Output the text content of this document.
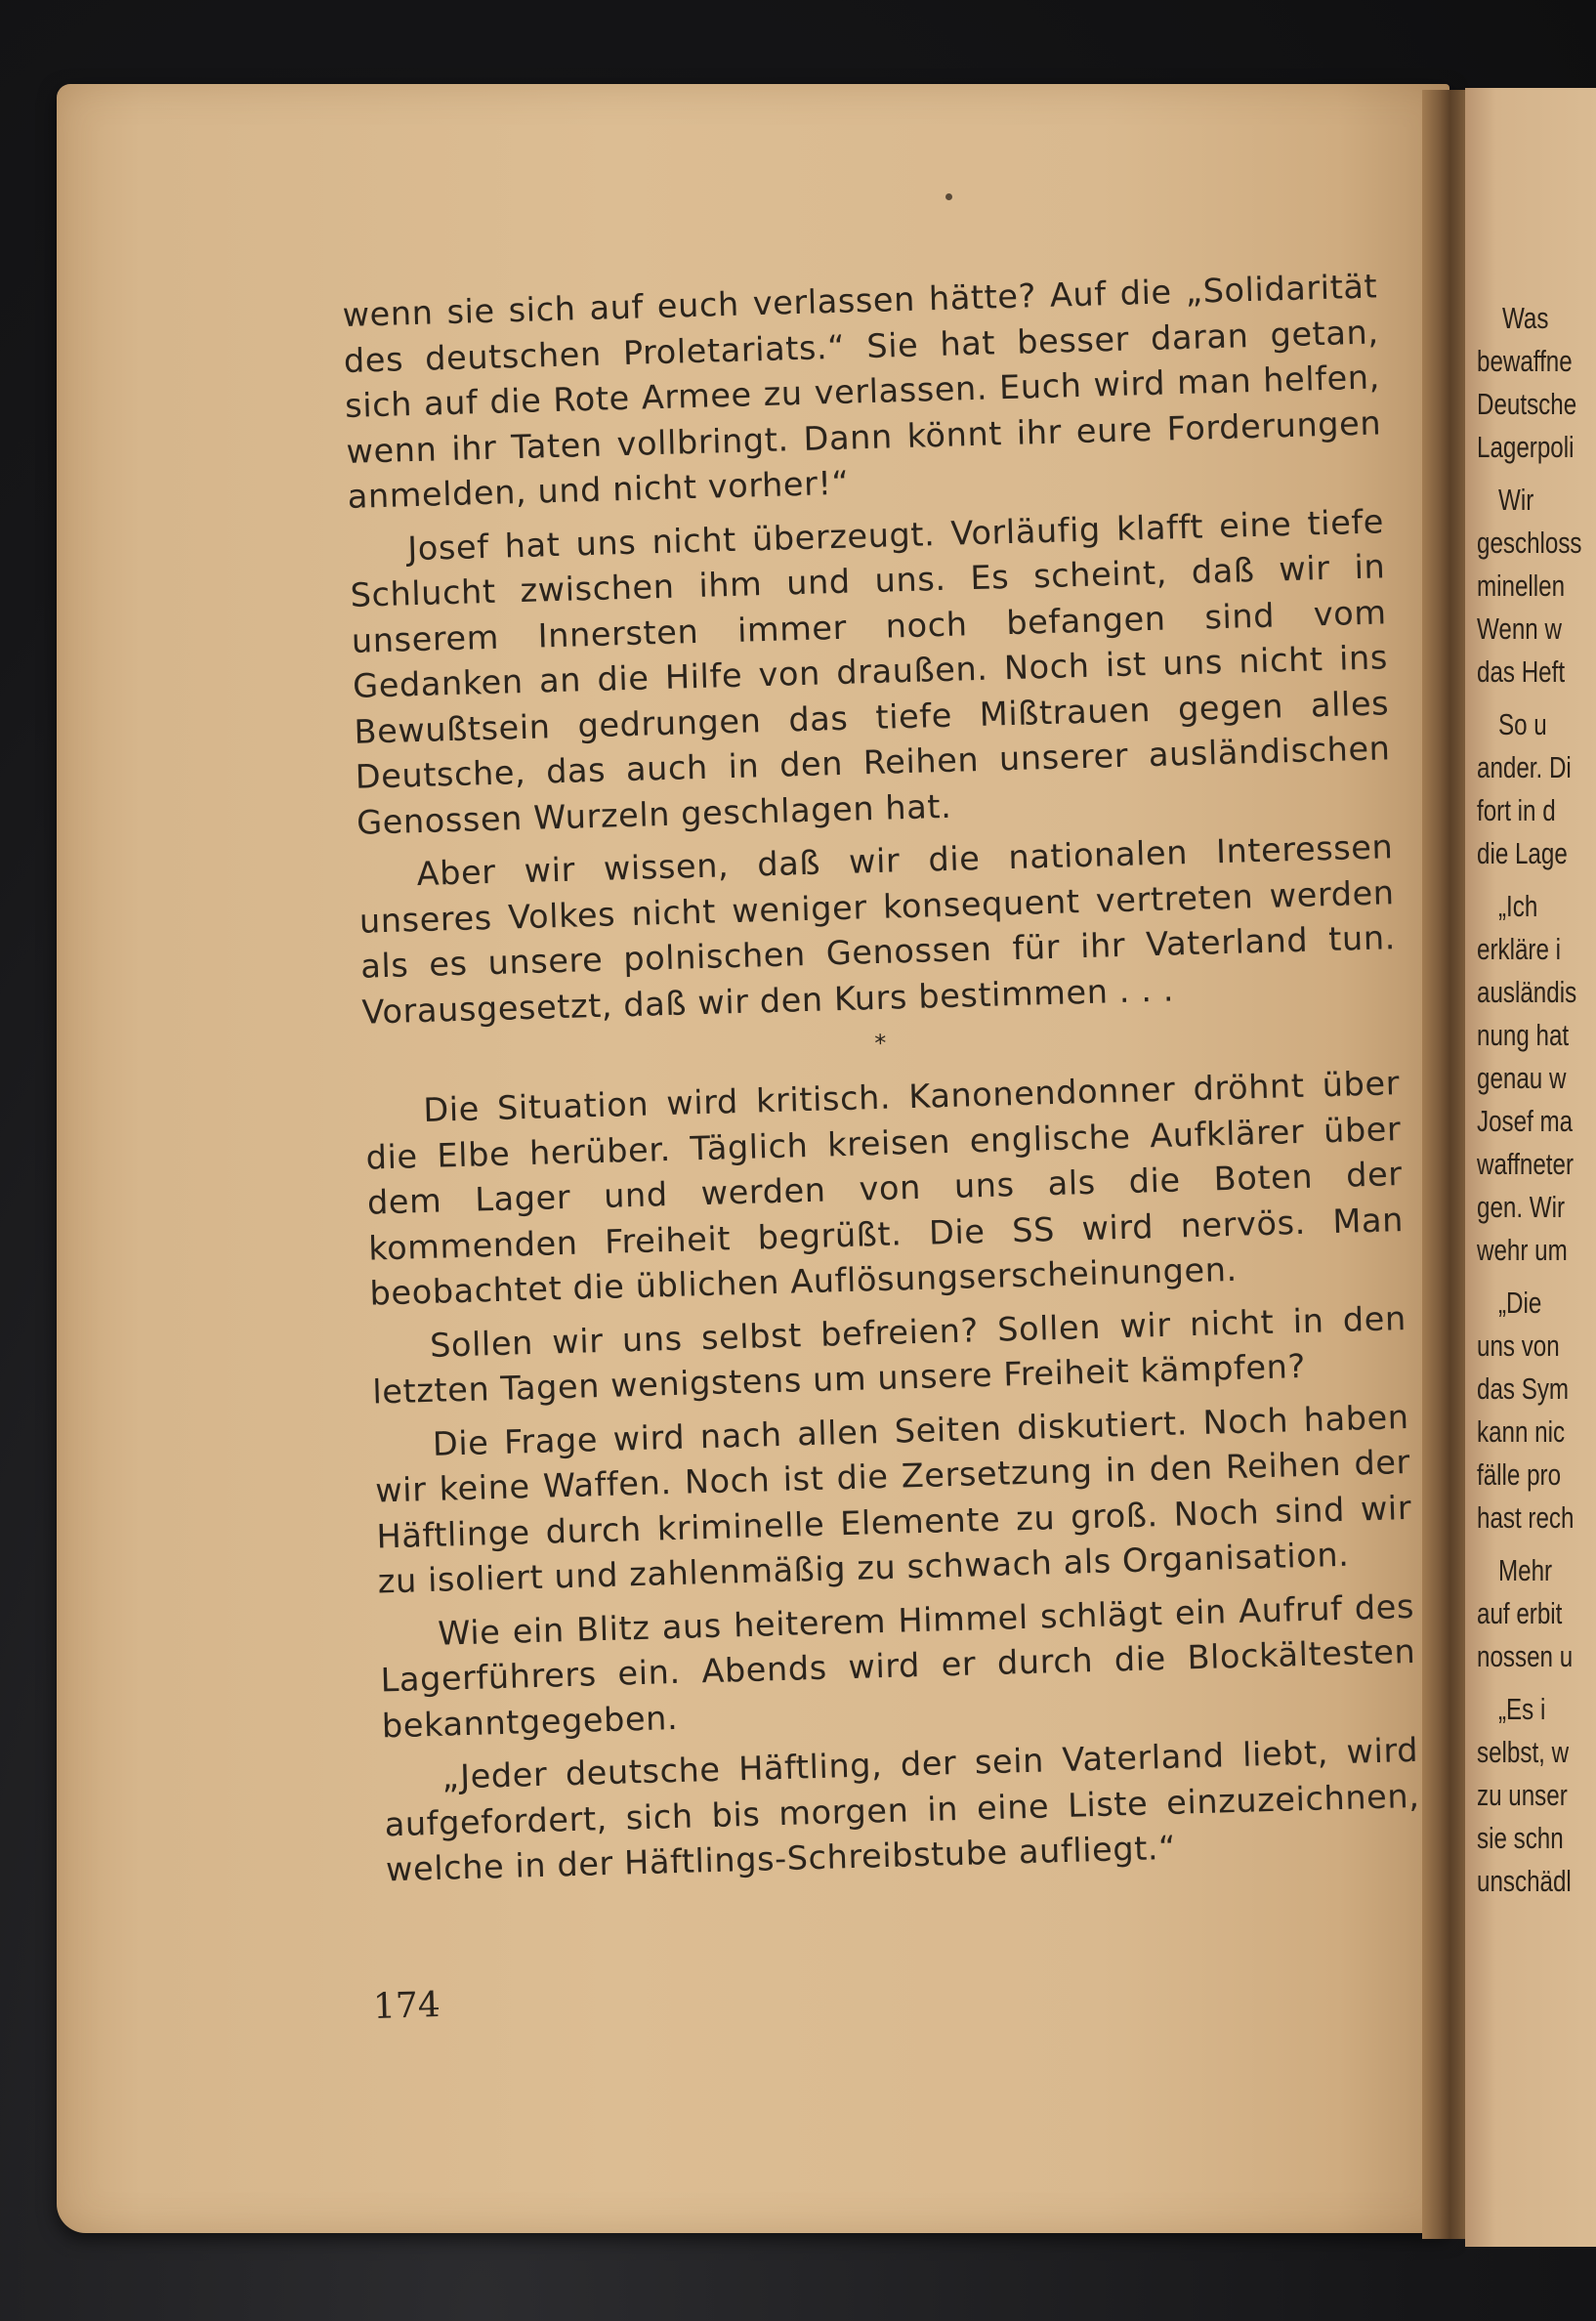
Was
bewaffne
Deutsche
Lagerpoli
Wir
geschloss
minellen
Wenn w
das Heft
So u
ander. Di
fort in d
die Lage
„Ich
erkläre i
ausländis
nung hat
genau w
Josef ma
waffneter
gen. Wir
wehr um
„Die
uns von
das Sym
kann nic
fälle pro
hast rech
Mehr
auf erbit
nossen u
„Es i
selbst, w
zu unser
sie schn
unschädl

wenn sie sich auf euch verlassen hätte? Auf die „Solidarität des deutschen Proletariats.“ Sie hat besser daran getan, sich auf die Rote Armee zu verlassen. Euch wird man helfen, wenn ihr Taten vollbringt. Dann könnt ihr eure Forderungen anmelden, und nicht vorher!“

Josef hat uns nicht überzeugt. Vorläufig klafft eine tiefe Schlucht zwischen ihm und uns. Es scheint, daß wir in unserem Innersten immer noch befangen sind vom Gedanken an die Hilfe von draußen. Noch ist uns nicht ins Bewußtsein gedrungen das tiefe Mißtrauen gegen alles Deutsche, das auch in den Reihen unserer ausländischen Genossen Wurzeln geschlagen hat.

Aber wir wissen, daß wir die nationalen Interessen unseres Volkes nicht weniger konsequent vertreten werden als es unsere polnischen Genossen für ihr Vaterland tun. Vorausgesetzt, daß wir den Kurs bestimmen . . .

*

Die Situation wird kritisch. Kanonendonner dröhnt über die Elbe herüber. Täglich kreisen englische Aufklärer über dem Lager und werden von uns als die Boten der kommenden Freiheit begrüßt. Die SS wird nervös. Man beobachtet die üblichen Auflösungserscheinungen.

Sollen wir uns selbst befreien? Sollen wir nicht in den letzten Tagen wenigstens um unsere Freiheit kämpfen?

Die Frage wird nach allen Seiten diskutiert. Noch haben wir keine Waffen. Noch ist die Zersetzung in den Reihen der Häftlinge durch kriminelle Elemente zu groß. Noch sind wir zu isoliert und zahlenmäßig zu schwach als Organisation.

Wie ein Blitz aus heiterem Himmel schlägt ein Aufruf des Lagerführers ein. Abends wird er durch die Blockältesten bekanntgegeben.

„Jeder deutsche Häftling, der sein Vaterland liebt, wird aufgefordert, sich bis morgen in eine Liste einzuzeichnen, welche in der Häftlings-Schreibstube aufliegt.“

174
